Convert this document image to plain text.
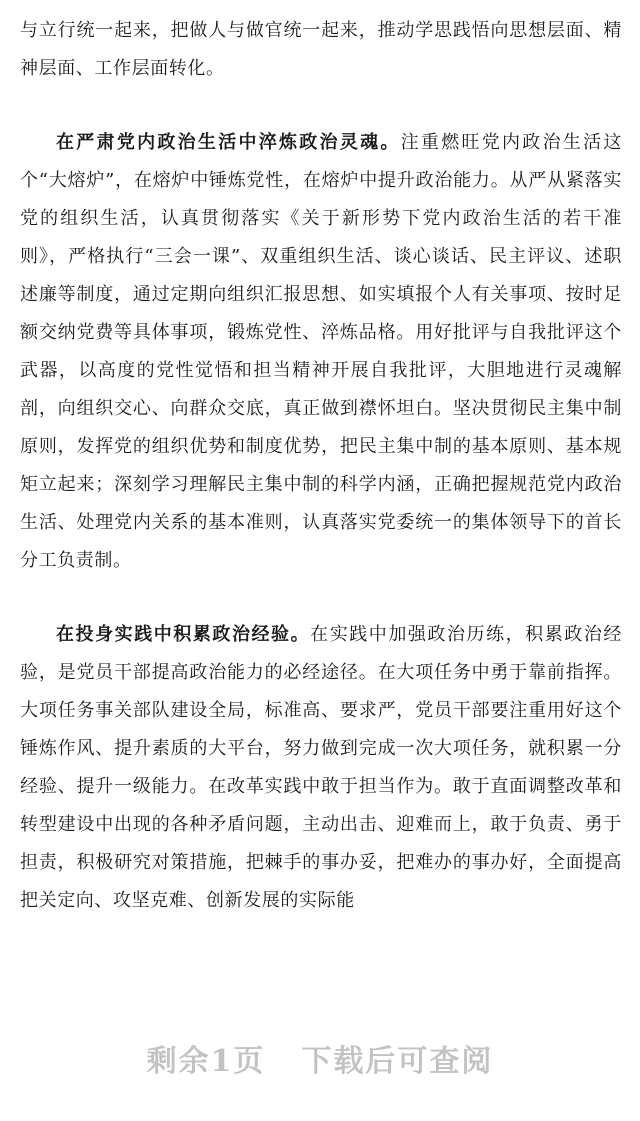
与立行统一起来，把做人与做官统一起来，推动学思践悟向思想层面、精神层面、工作层面转化。

在严肃党内政治生活中淬炼政治灵魂。注重燃旺党内政治生活这个“大熔炉”，在熔炉中锤炼党性，在熔炉中提升政治能力。从严从紧落实党的组织生活，认真贯彻落实《关于新形势下党内政治生活的若干准则》，严格执行“三会一课”、双重组织生活、谈心谈话、民主评议、述职述廉等制度，通过定期向组织汇报思想、如实填报个人有关事项、按时足额交纳党费等具体事项，锻炼党性、淬炼品格。用好批评与自我批评这个武器，以高度的党性觉悟和担当精神开展自我批评，大胆地进行灵魂解剖，向组织交心、向群众交底，真正做到襟怀坦白。坚决贯彻民主集中制原则，发挥党的组织优势和制度优势，把民主集中制的基本原则、基本规矩立起来；深刻学习理解民主集中制的科学内涵，正确把握规范党内政治生活、处理党内关系的基本准则，认真落实党委统一的集体领导下的首长分工负责制。

在投身实践中积累政治经验。在实践中加强政治历练，积累政治经验，是党员干部提高政治能力的必经途径。在大项任务中勇于靠前指挥。大项任务事关部队建设全局，标准高、要求严，党员干部要注重用好这个锤炼作风、提升素质的大平台，努力做到完成一次大项任务，就积累一分经验、提升一级能力。在改革实践中敢于担当作为。敢于直面调整改革和转型建设中出现的各种矛盾问题，主动出击、迎难而上，敢于负责、勇于担责，积极研究对策措施，把棘手的事办妥，把难办的事办好，全面提高把关定向、攻坚克难、创新发展的实际能

剩余1页 下载后可查阅
